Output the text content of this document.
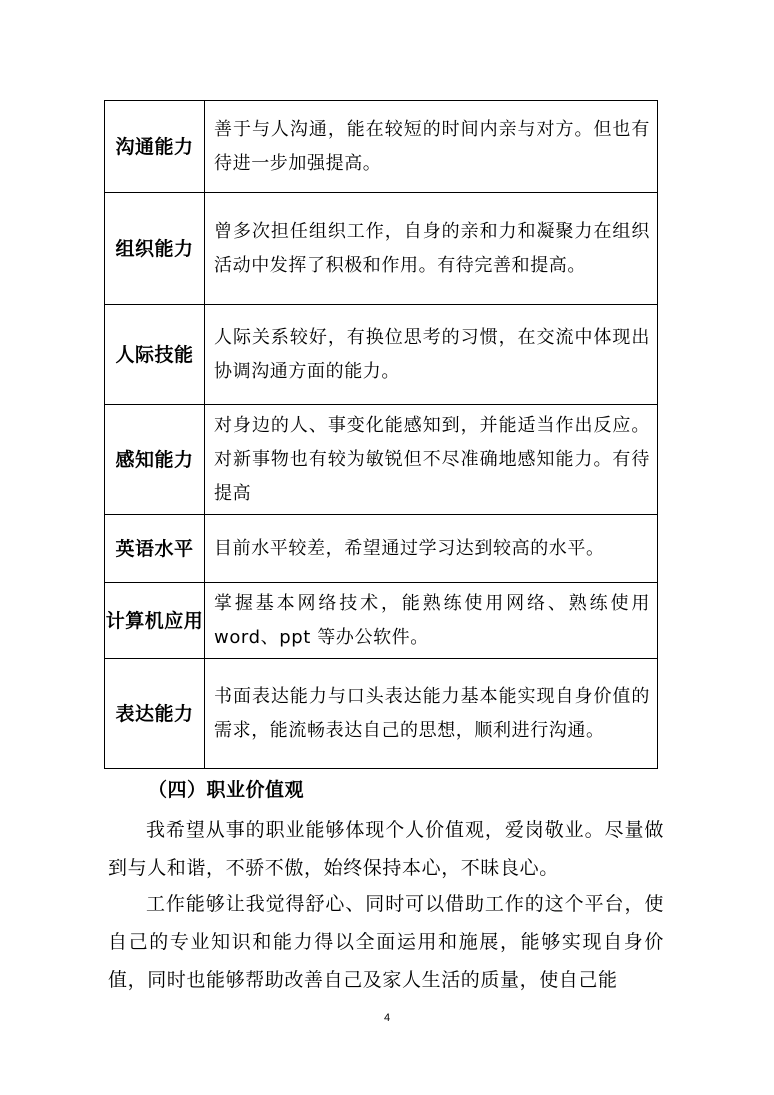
沟通能力	善于与人沟通，能在较短的时间内亲与对方。但也有待进一步加强提高。
组织能力	曾多次担任组织工作，自身的亲和力和凝聚力在组织活动中发挥了积极和作用。有待完善和提高。
人际技能	人际关系较好，有换位思考的习惯，在交流中体现出协调沟通方面的能力。
感知能力	对身边的人、事变化能感知到，并能适当作出反应。对新事物也有较为敏锐但不尽准确地感知能力。有待提高
英语水平	目前水平较差，希望通过学习达到较高的水平。
计算机应用	掌握基本网络技术，能熟练使用网络、熟练使用word、ppt 等办公软件。
表达能力	书面表达能力与口头表达能力基本能实现自身价值的需求，能流畅表达自己的思想，顺利进行沟通。
（四）职业价值观

我希望从事的职业能够体现个人价值观，爱岗敬业。尽量做到与人和谐，不骄不傲，始终保持本心，不昧良心。

工作能够让我觉得舒心、同时可以借助工作的这个平台，使自己的专业知识和能力得以全面运用和施展，能够实现自身价值，同时也能够帮助改善自己及家人生活的质量，使自己能

4
